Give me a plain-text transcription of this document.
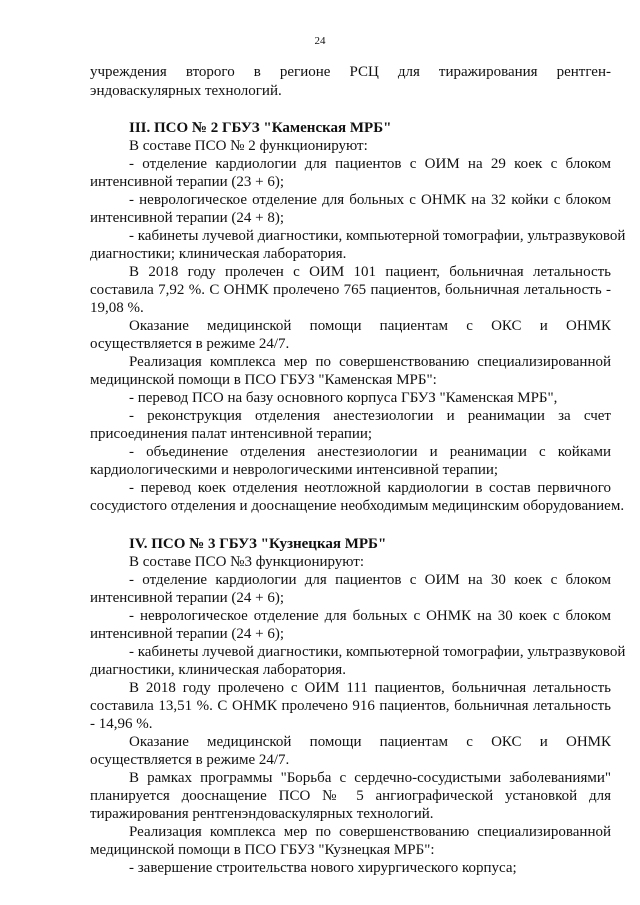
24
учреждения второго в регионе РСЦ для тиражирования рентген-
эндоваскулярных технологий.
III. ПСО № 2 ГБУЗ "Каменская МРБ"
В составе ПСО № 2 функционируют:
- отделение кардиологии для пациентов с ОИМ на 29 коек с блоком
интенсивной терапии (23 + 6);
- неврологическое отделение для больных с ОНМК на 32 койки с блоком
интенсивной терапии (24 + 8);
- кабинеты лучевой диагностики, компьютерной томографии, ультразвуковой
диагностики; клиническая лаборатория.
В 2018 году пролечен с ОИМ 101 пациент, больничная летальность
составила 7,92 %. С ОНМК пролечено 765 пациентов, больничная летальность -
19,08 %.
Оказание медицинской помощи пациентам с ОКС и ОНМК
осуществляется в режиме 24/7.
Реализация комплекса мер по совершенствованию специализированной
медицинской помощи в ПСО ГБУЗ "Каменская МРБ":
- перевод ПСО на базу основного корпуса ГБУЗ "Каменская МРБ",
- реконструкция отделения анестезиологии и реанимации за счет
присоединения палат интенсивной терапии;
- объединение отделения анестезиологии и реанимации с койками
кардиологическими и неврологическими интенсивной терапии;
- перевод коек отделения неотложной кардиологии в состав первичного
сосудистого отделения и дооснащение необходимым медицинским оборудованием.
IV. ПСО № 3 ГБУЗ "Кузнецкая МРБ"
В составе ПСО №3 функционируют:
- отделение кардиологии для пациентов с ОИМ на 30 коек с блоком
интенсивной терапии (24 + 6);
- неврологическое отделение для больных с ОНМК на 30 коек с блоком
интенсивной терапии (24 + 6);
- кабинеты лучевой диагностики, компьютерной томографии, ультразвуковой
диагностики, клиническая лаборатория.
В 2018 году пролечено с ОИМ 111 пациентов, больничная летальность
составила 13,51 %. С ОНМК пролечено 916 пациентов, больничная летальность
- 14,96 %.
Оказание медицинской помощи пациентам с ОКС и ОНМК
осуществляется в режиме 24/7.
В рамках программы "Борьба с сердечно-сосудистыми заболеваниями"
планируется дооснащение ПСО № 5 ангиографической установкой для
тиражирования рентгенэндоваскулярных технологий.
Реализация комплекса мер по совершенствованию специализированной
медицинской помощи в ПСО ГБУЗ "Кузнецкая МРБ":
- завершение строительства нового хирургического корпуса;
